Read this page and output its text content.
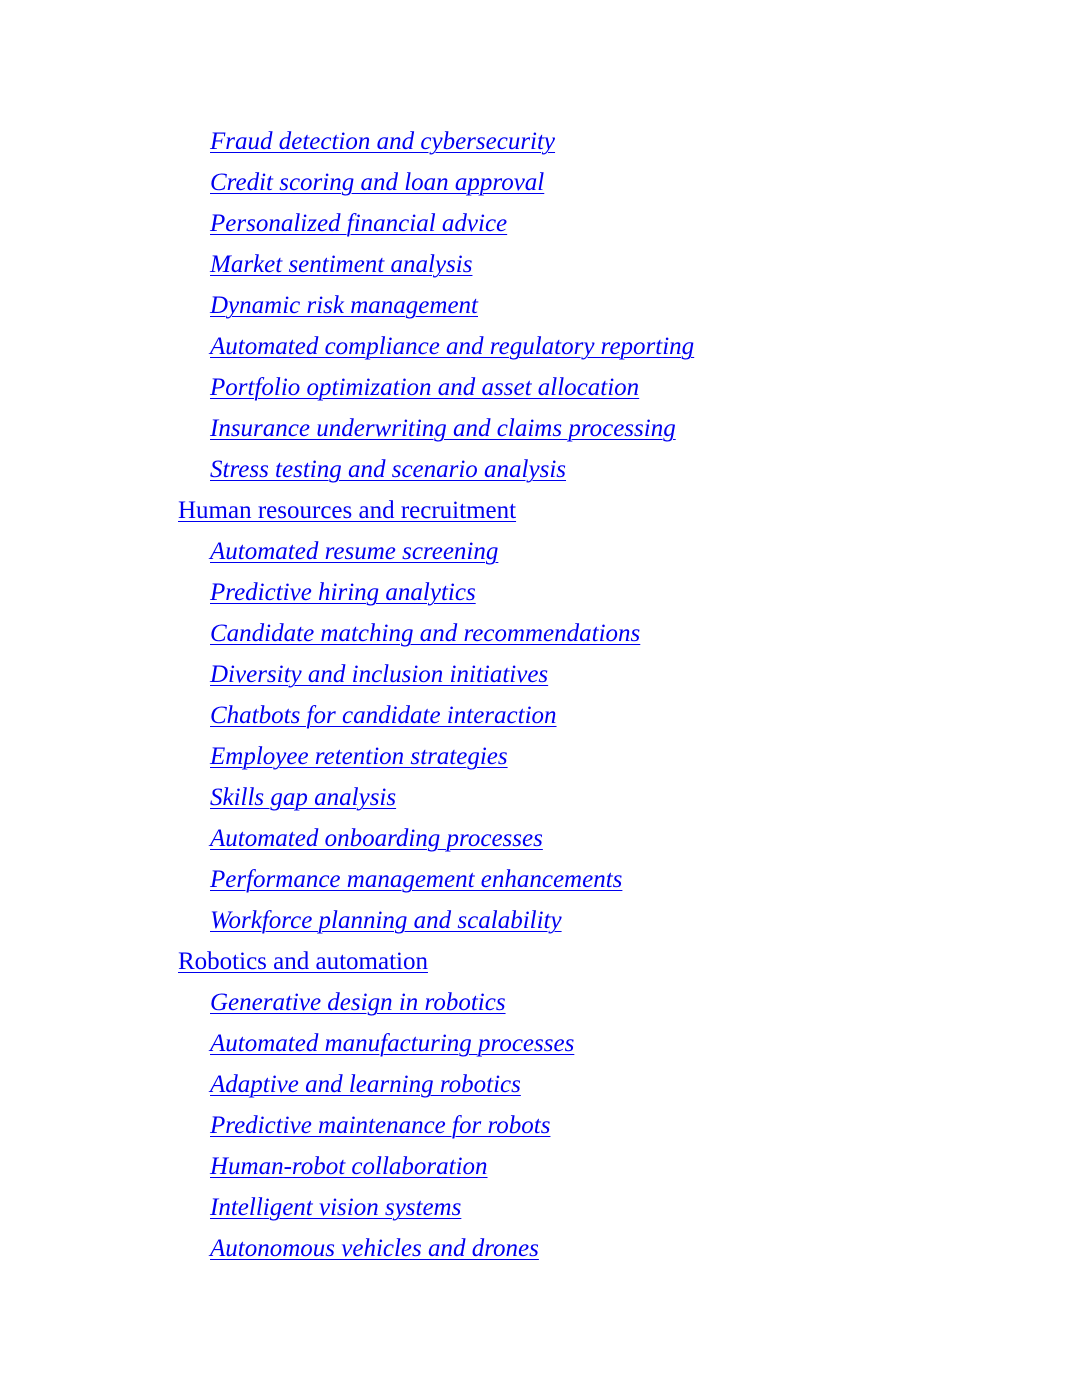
Fraud detection and cybersecurity
Credit scoring and loan approval
Personalized financial advice
Market sentiment analysis
Dynamic risk management
Automated compliance and regulatory reporting
Portfolio optimization and asset allocation
Insurance underwriting and claims processing
Stress testing and scenario analysis
Human resources and recruitment
Automated resume screening
Predictive hiring analytics
Candidate matching and recommendations
Diversity and inclusion initiatives
Chatbots for candidate interaction
Employee retention strategies
Skills gap analysis
Automated onboarding processes
Performance management enhancements
Workforce planning and scalability
Robotics and automation
Generative design in robotics
Automated manufacturing processes
Adaptive and learning robotics
Predictive maintenance for robots
Human-robot collaboration
Intelligent vision systems
Autonomous vehicles and drones
